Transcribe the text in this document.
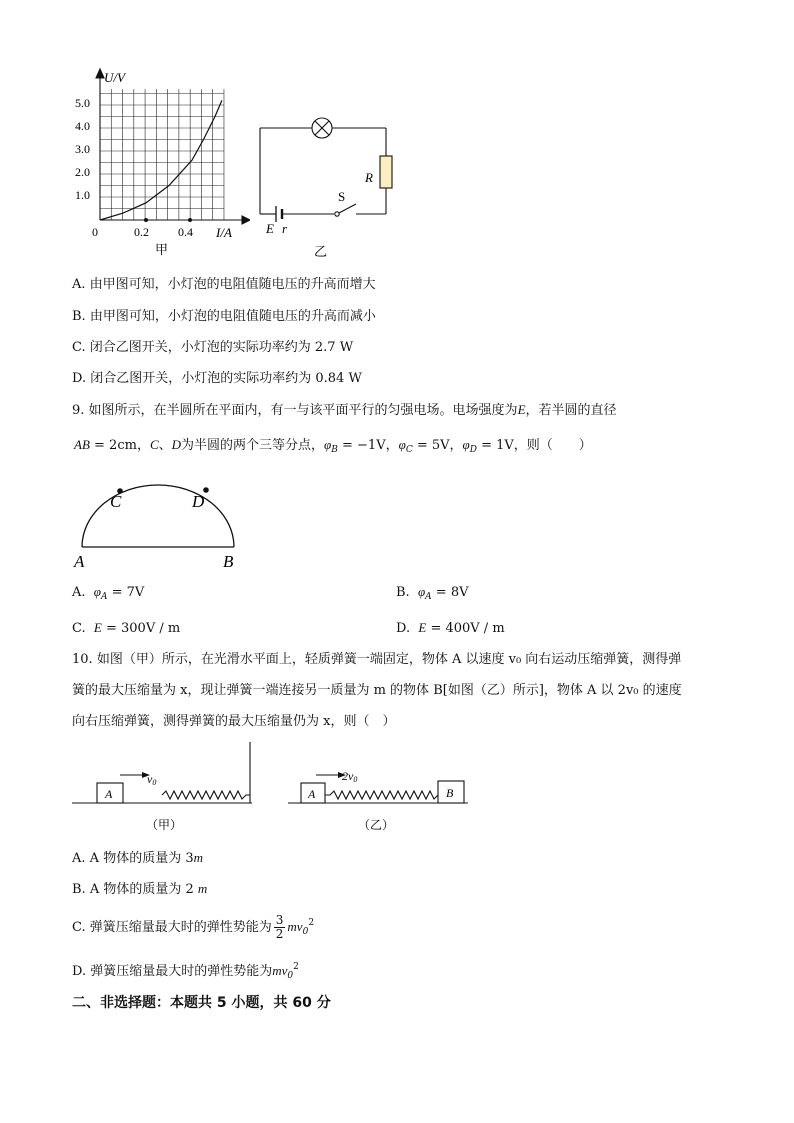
U/V
I/A
5.0
4.0
3.0
2.0
1.0
0	0.2 0.4
甲
R
S
E r
乙
A. 由甲图可知，小灯泡的电阻值随电压的升高而增大
B. 由甲图可知，小灯泡的电阻值随电压的升高而减小
C. 闭合乙图开关，小灯泡的实际功率约为 2.7 W
D. 闭合乙图开关，小灯泡的实际功率约为 0.84 W
9. 如图所示，在半圆所在平面内，有一与该平面平行的匀强电场。电场强度为E，若半圆的直径
AB = 2cm，C、D为半圆的两个三等分点，$\varphi_B = -1V$，$\varphi_C = 5V$，$\varphi_D = 1V$，则（　　）
C	D
A	B
A. $\varphi_A = 7V$	B. $\varphi_A = 8V$
C. E = 300V / m	D. E = 400V / m
10. 如图（甲）所示，在光滑水平面上，轻质弹簧一端固定，物体 A 以速度 v₀ 向右运动压缩弹簧，测得弹
簧的最大压缩量为 x，现让弹簧一端连接另一质量为 m 的物体 B[如图（乙）所示]，物体 A 以 2v₀ 的速度
向右压缩弹簧，测得弹簧的最大压缩量仍为 x，则（　）
A
v0
（甲）
A	B
2v0
（乙）
A. A 物体的质量为 3m
B. A 物体的质量为 2 m
C. 弹簧压缩量最大时的弹性势能为 $\frac{3}{2} mv_0^2$
D. 弹簧压缩量最大时的弹性势能为$mv_0^2$
二、非选择题：本题共 5 小题，共 60 分
